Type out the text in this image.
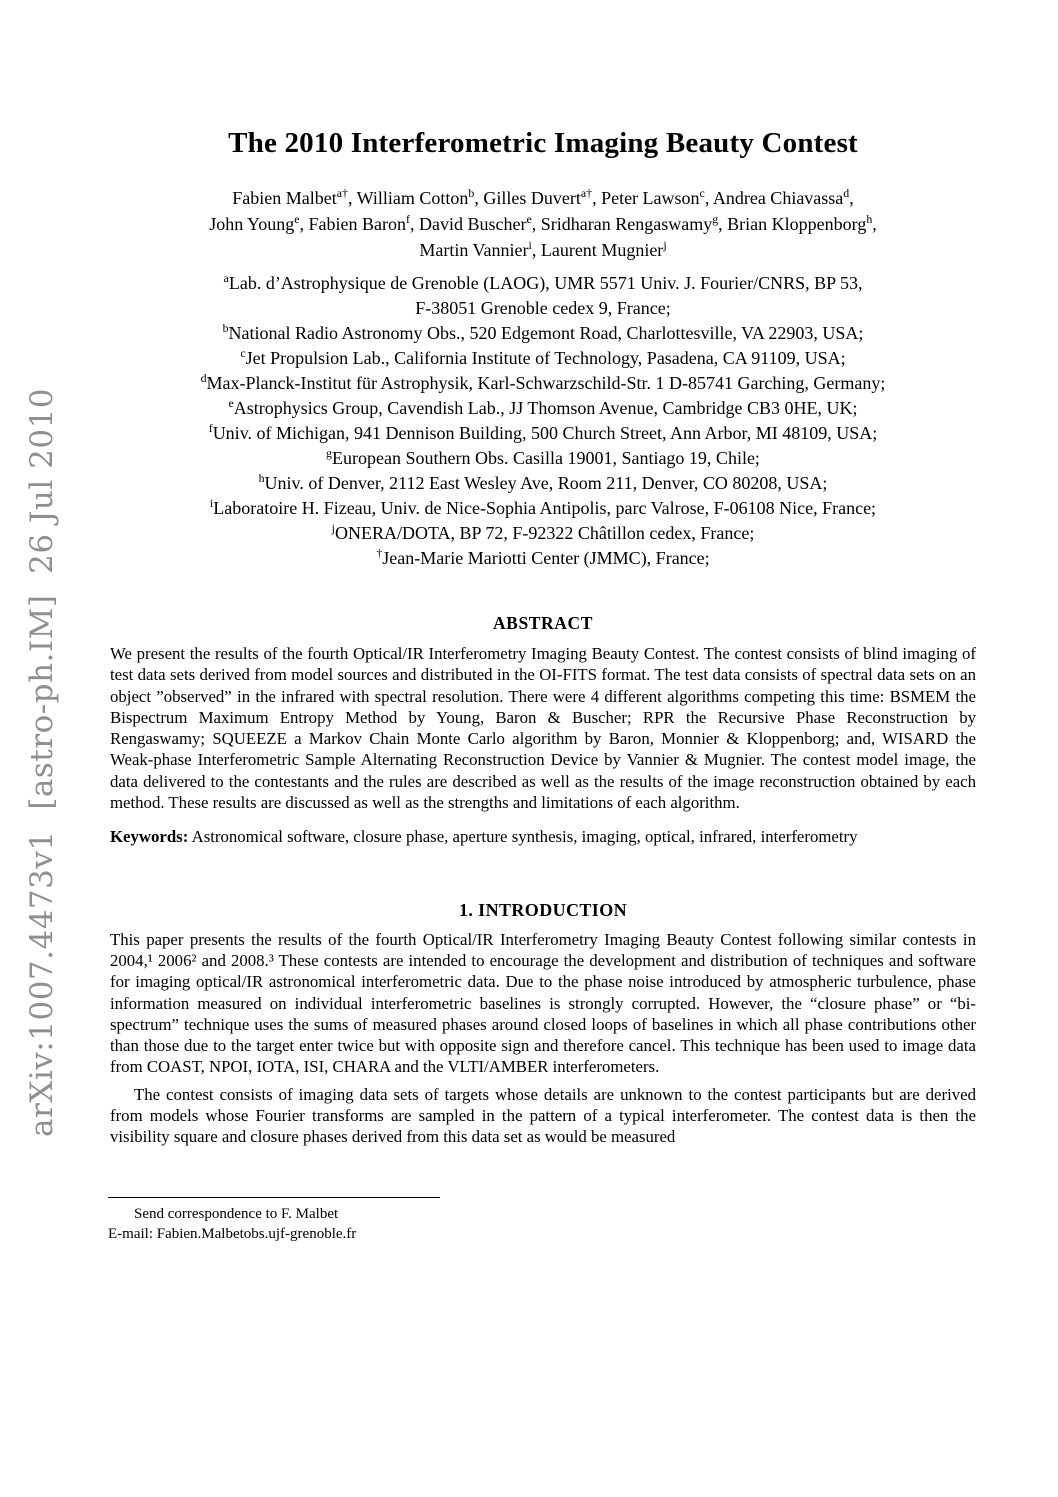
arXiv:1007.4473v1  [astro-ph.IM]  26 Jul 2010
The 2010 Interferometric Imaging Beauty Contest
Fabien Malbet$^{a\dagger}$, William Cotton$^b$, Gilles Duvert$^{a\dagger}$, Peter Lawson$^c$, Andrea Chiavassa$^d$,
John Young$^e$, Fabien Baron$^f$, David Buscher$^e$, Sridharan Rengaswamy$^g$, Brian Kloppenborg$^h$,
Martin Vannier$^i$, Laurent Mugnier$^j$
$^a$Lab. d’Astrophysique de Grenoble (LAOG), UMR 5571 Univ. J. Fourier/CNRS, BP 53,
F-38051 Grenoble cedex 9, France;
$^b$National Radio Astronomy Obs., 520 Edgemont Road, Charlottesville, VA 22903, USA;
$^c$Jet Propulsion Lab., California Institute of Technology, Pasadena, CA 91109, USA;
$^d$Max-Planck-Institut für Astrophysik, Karl-Schwarzschild-Str. 1 D-85741 Garching, Germany;
$^e$Astrophysics Group, Cavendish Lab., JJ Thomson Avenue, Cambridge CB3 0HE, UK;
$^f$Univ. of Michigan, 941 Dennison Building, 500 Church Street, Ann Arbor, MI 48109, USA;
$^g$European Southern Obs. Casilla 19001, Santiago 19, Chile;
$^h$Univ. of Denver, 2112 East Wesley Ave, Room 211, Denver, CO 80208, USA;
$^i$Laboratoire H. Fizeau, Univ. de Nice-Sophia Antipolis, parc Valrose, F-06108 Nice, France;
$^j$ONERA/DOTA, BP 72, F-92322 Châtillon cedex, France;
†Jean-Marie Mariotti Center (JMMC), France;
ABSTRACT

We present the results of the fourth Optical/IR Interferometry Imaging Beauty Contest. The contest consists of blind imaging of test data sets derived from model sources and distributed in the OI-FITS format. The test data consists of spectral data sets on an object ”observed” in the infrared with spectral resolution. There were 4 different algorithms competing this time: BSMEM the Bispectrum Maximum Entropy Method by Young, Baron & Buscher; RPR the Recursive Phase Reconstruction by Rengaswamy; SQUEEZE a Markov Chain Monte Carlo algorithm by Baron, Monnier & Kloppenborg; and, WISARD the Weak-phase Interferometric Sample Alternating Reconstruction Device by Vannier & Mugnier. The contest model image, the data delivered to the contestants and the rules are described as well as the results of the image reconstruction obtained by each method. These results are discussed as well as the strengths and limitations of each algorithm.

Keywords: Astronomical software, closure phase, aperture synthesis, imaging, optical, infrared, interferometry

1. INTRODUCTION

This paper presents the results of the fourth Optical/IR Interferometry Imaging Beauty Contest following similar contests in 2004,¹ 2006² and 2008.³ These contests are intended to encourage the development and distribution of techniques and software for imaging optical/IR astronomical interferometric data. Due to the phase noise introduced by atmospheric turbulence, phase information measured on individual interferometric baselines is strongly corrupted. However, the “closure phase” or “bi-spectrum” technique uses the sums of measured phases around closed loops of baselines in which all phase contributions other than those due to the target enter twice but with opposite sign and therefore cancel. This technique has been used to image data from COAST, NPOI, IOTA, ISI, CHARA and the VLTI/AMBER interferometers.

The contest consists of imaging data sets of targets whose details are unknown to the contest participants but are derived from models whose Fourier transforms are sampled in the pattern of a typical interferometer. The contest data is then the visibility square and closure phases derived from this data set as would be measured

Send correspondence to F. Malbet
E-mail: Fabien.Malbetobs.ujf-grenoble.fr
